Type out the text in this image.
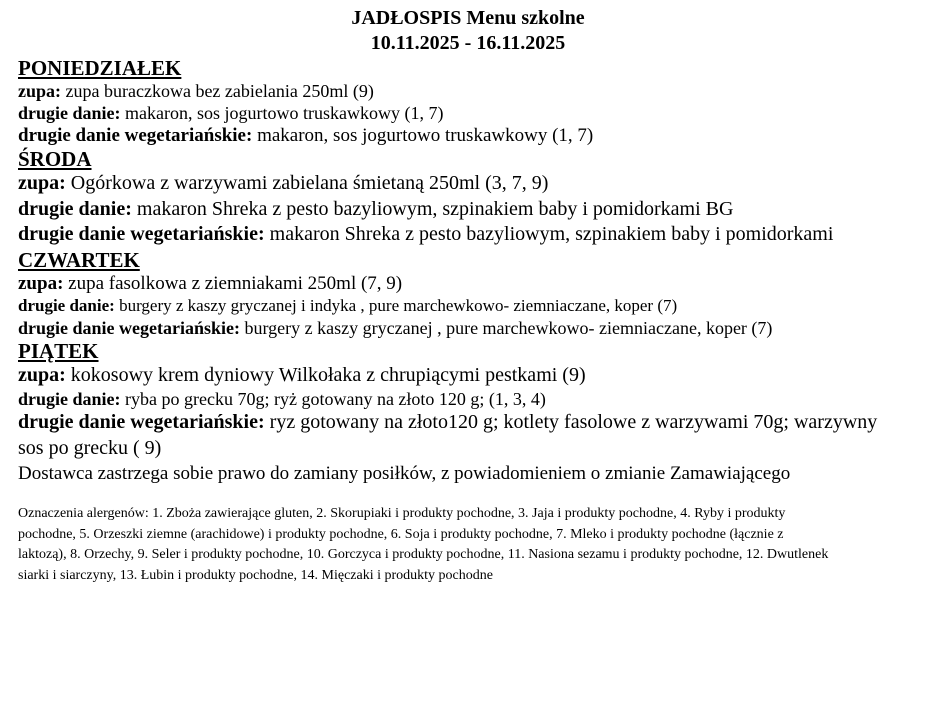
JADŁOSPIS Menu szkolne

10.11.2025 - 16.11.2025

PONIEDZIAŁEK

zupa: zupa buraczkowa bez zabielania 250ml (9)

drugie danie: makaron, sos jogurtowo truskawkowy (1, 7)

drugie danie wegetariańskie: makaron, sos jogurtowo truskawkowy (1, 7)

ŚRODA

zupa: Ogórkowa z warzywami zabielana śmietaną 250ml (3, 7, 9)

drugie danie: makaron Shreka z pesto bazyliowym, szpinakiem baby i pomidorkami BG

drugie danie wegetariańskie: makaron Shreka z pesto bazyliowym, szpinakiem baby i pomidorkami

CZWARTEK

zupa: zupa fasolkowa z ziemniakami 250ml (7, 9)

drugie danie: burgery z kaszy gryczanej i indyka , pure marchewkowo- ziemniaczane, koper (7)

drugie danie wegetariańskie: burgery z kaszy gryczanej , pure marchewkowo- ziemniaczane, koper (7)

PIĄTEK

zupa: kokosowy krem dyniowy Wilkołaka z chrupiącymi pestkami (9)

drugie danie: ryba po grecku 70g; ryż gotowany na złoto 120 g; (1, 3, 4)

drugie danie wegetariańskie: ryz gotowany na złoto120 g; kotlety fasolowe z warzywami 70g; warzywny sos po grecku ( 9)

Dostawca zastrzega sobie prawo do zamiany posiłków, z powiadomieniem o zmianie Zamawiającego

Oznaczenia alergenów: 1. Zboża zawierające gluten, 2. Skorupiaki i produkty pochodne, 3. Jaja i produkty pochodne, 4. Ryby i produkty pochodne, 5. Orzeszki ziemne (arachidowe) i produkty pochodne, 6. Soja i produkty pochodne, 7. Mleko i produkty pochodne (łącznie z laktozą), 8. Orzechy, 9. Seler i produkty pochodne, 10. Gorczyca i produkty pochodne, 11. Nasiona sezamu i produkty pochodne, 12. Dwutlenek siarki i siarczyny, 13. Łubin i produkty pochodne, 14. Mięczaki i produkty pochodne
